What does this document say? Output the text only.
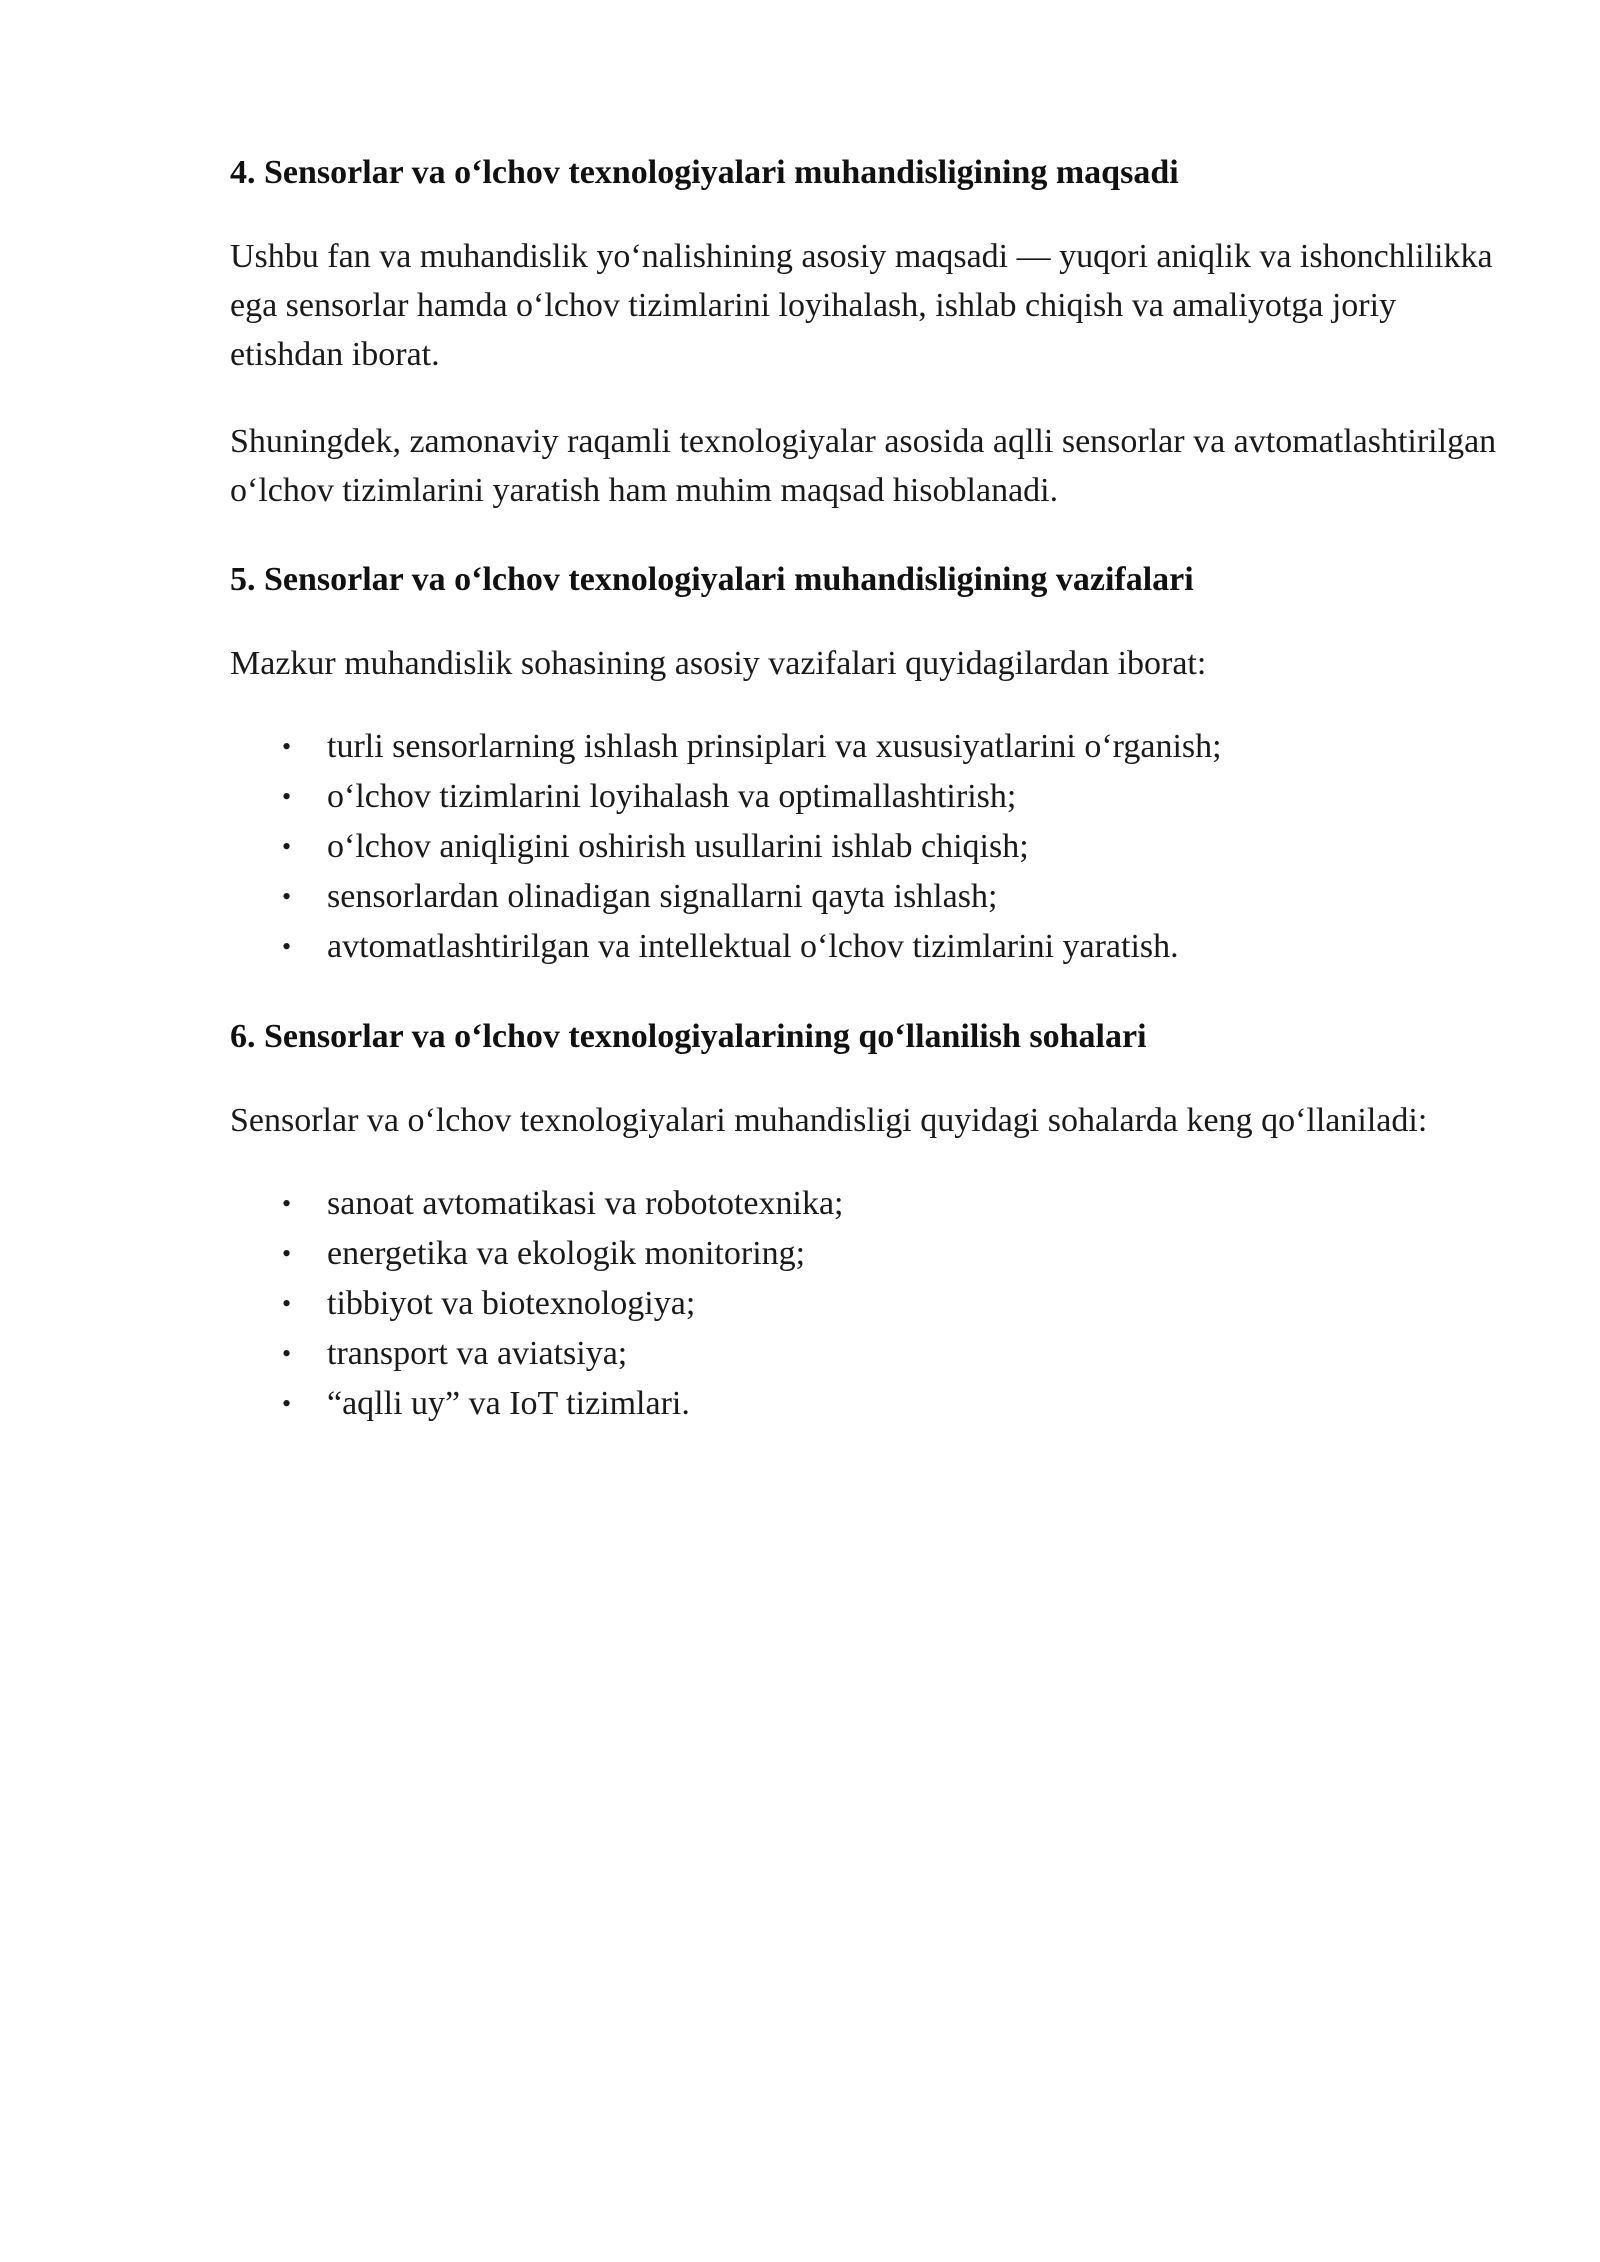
4. Sensorlar va o‘lchov texnologiyalari muhandisligining maqsadi

Ushbu fan va muhandislik yo‘nalishining asosiy maqsadi — yuqori aniqlik va ishonchlilikka ega sensorlar hamda o‘lchov tizimlarini loyihalash, ishlab chiqish va amaliyotga joriy etishdan iborat.

Shuningdek, zamonaviy raqamli texnologiyalar asosida aqlli sensorlar va avtomatlashtirilgan o‘lchov tizimlarini yaratish ham muhim maqsad hisoblanadi.

5. Sensorlar va o‘lchov texnologiyalari muhandisligining vazifalari

Mazkur muhandislik sohasining asosiy vazifalari quyidagilardan iborat:

• turli sensorlarning ishlash prinsiplari va xususiyatlarini o‘rganish;
• o‘lchov tizimlarini loyihalash va optimallashtirish;
• o‘lchov aniqligini oshirish usullarini ishlab chiqish;
• sensorlardan olinadigan signallarni qayta ishlash;
• avtomatlashtirilgan va intellektual o‘lchov tizimlarini yaratish.
6. Sensorlar va o‘lchov texnologiyalarining qo‘llanilish sohalari

Sensorlar va o‘lchov texnologiyalari muhandisligi quyidagi sohalarda keng qo‘llaniladi:

• sanoat avtomatikasi va robototexnika;
• energetika va ekologik monitoring;
• tibbiyot va biotexnologiya;
• transport va aviatsiya;
• “aqlli uy” va IoT tizimlari.
